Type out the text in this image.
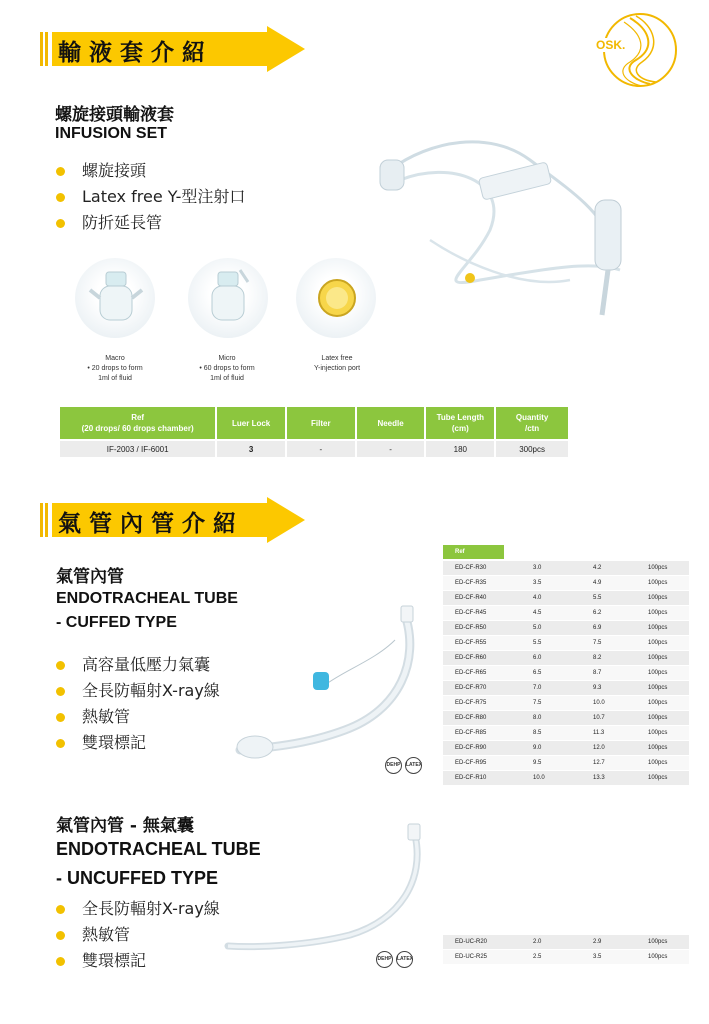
OSK.
輸液套介紹
螺旋接頭輸液套
INFUSION SET
螺旋接頭
Latex free Y-型注射口
防折延長管
Macro
• 20 drops to form
1ml of fluid
Micro
• 60 drops to form
1ml of fluid
Latex free
Y-injection port
Ref
(20 drops/ 60 drops chamber)	Luer Lock	Filter	Needle	Tube Length
(cm)	Quantity
/ctn
IF-2003 / IF-6001	3	-	-	180	300pcs
氣管內管介紹
氣管內管
ENDOTRACHEAL TUBE
- CUFFED TYPE
高容量低壓力氣囊
全長防輻射X-ray線
熱敏管
雙環標記
DEHP	LATEX
Ref
ED-CF-R30	3.0	4.2	100pcs
ED-CF-R35	3.5	4.9	100pcs
ED-CF-R40	4.0	5.5	100pcs
ED-CF-R45	4.5	6.2	100pcs
ED-CF-R50	5.0	6.9	100pcs
ED-CF-R55	5.5	7.5	100pcs
ED-CF-R60	6.0	8.2	100pcs
ED-CF-R65	6.5	8.7	100pcs
ED-CF-R70	7.0	9.3	100pcs
ED-CF-R75	7.5	10.0	100pcs
ED-CF-R80	8.0	10.7	100pcs
ED-CF-R85	8.5	11.3	100pcs
ED-CF-R90	9.0	12.0	100pcs
ED-CF-R95	9.5	12.7	100pcs
ED-CF-R10	10.0	13.3	100pcs
氣管內管 - 無氣囊
ENDOTRACHEAL TUBE
- UNCUFFED TYPE
全長防輻射X-ray線
熱敏管
雙環標記	DEHP	LATEX
ED-UC-R20	2.0	2.9	100pcs
ED-UC-R25	2.5	3.5	100pcs
